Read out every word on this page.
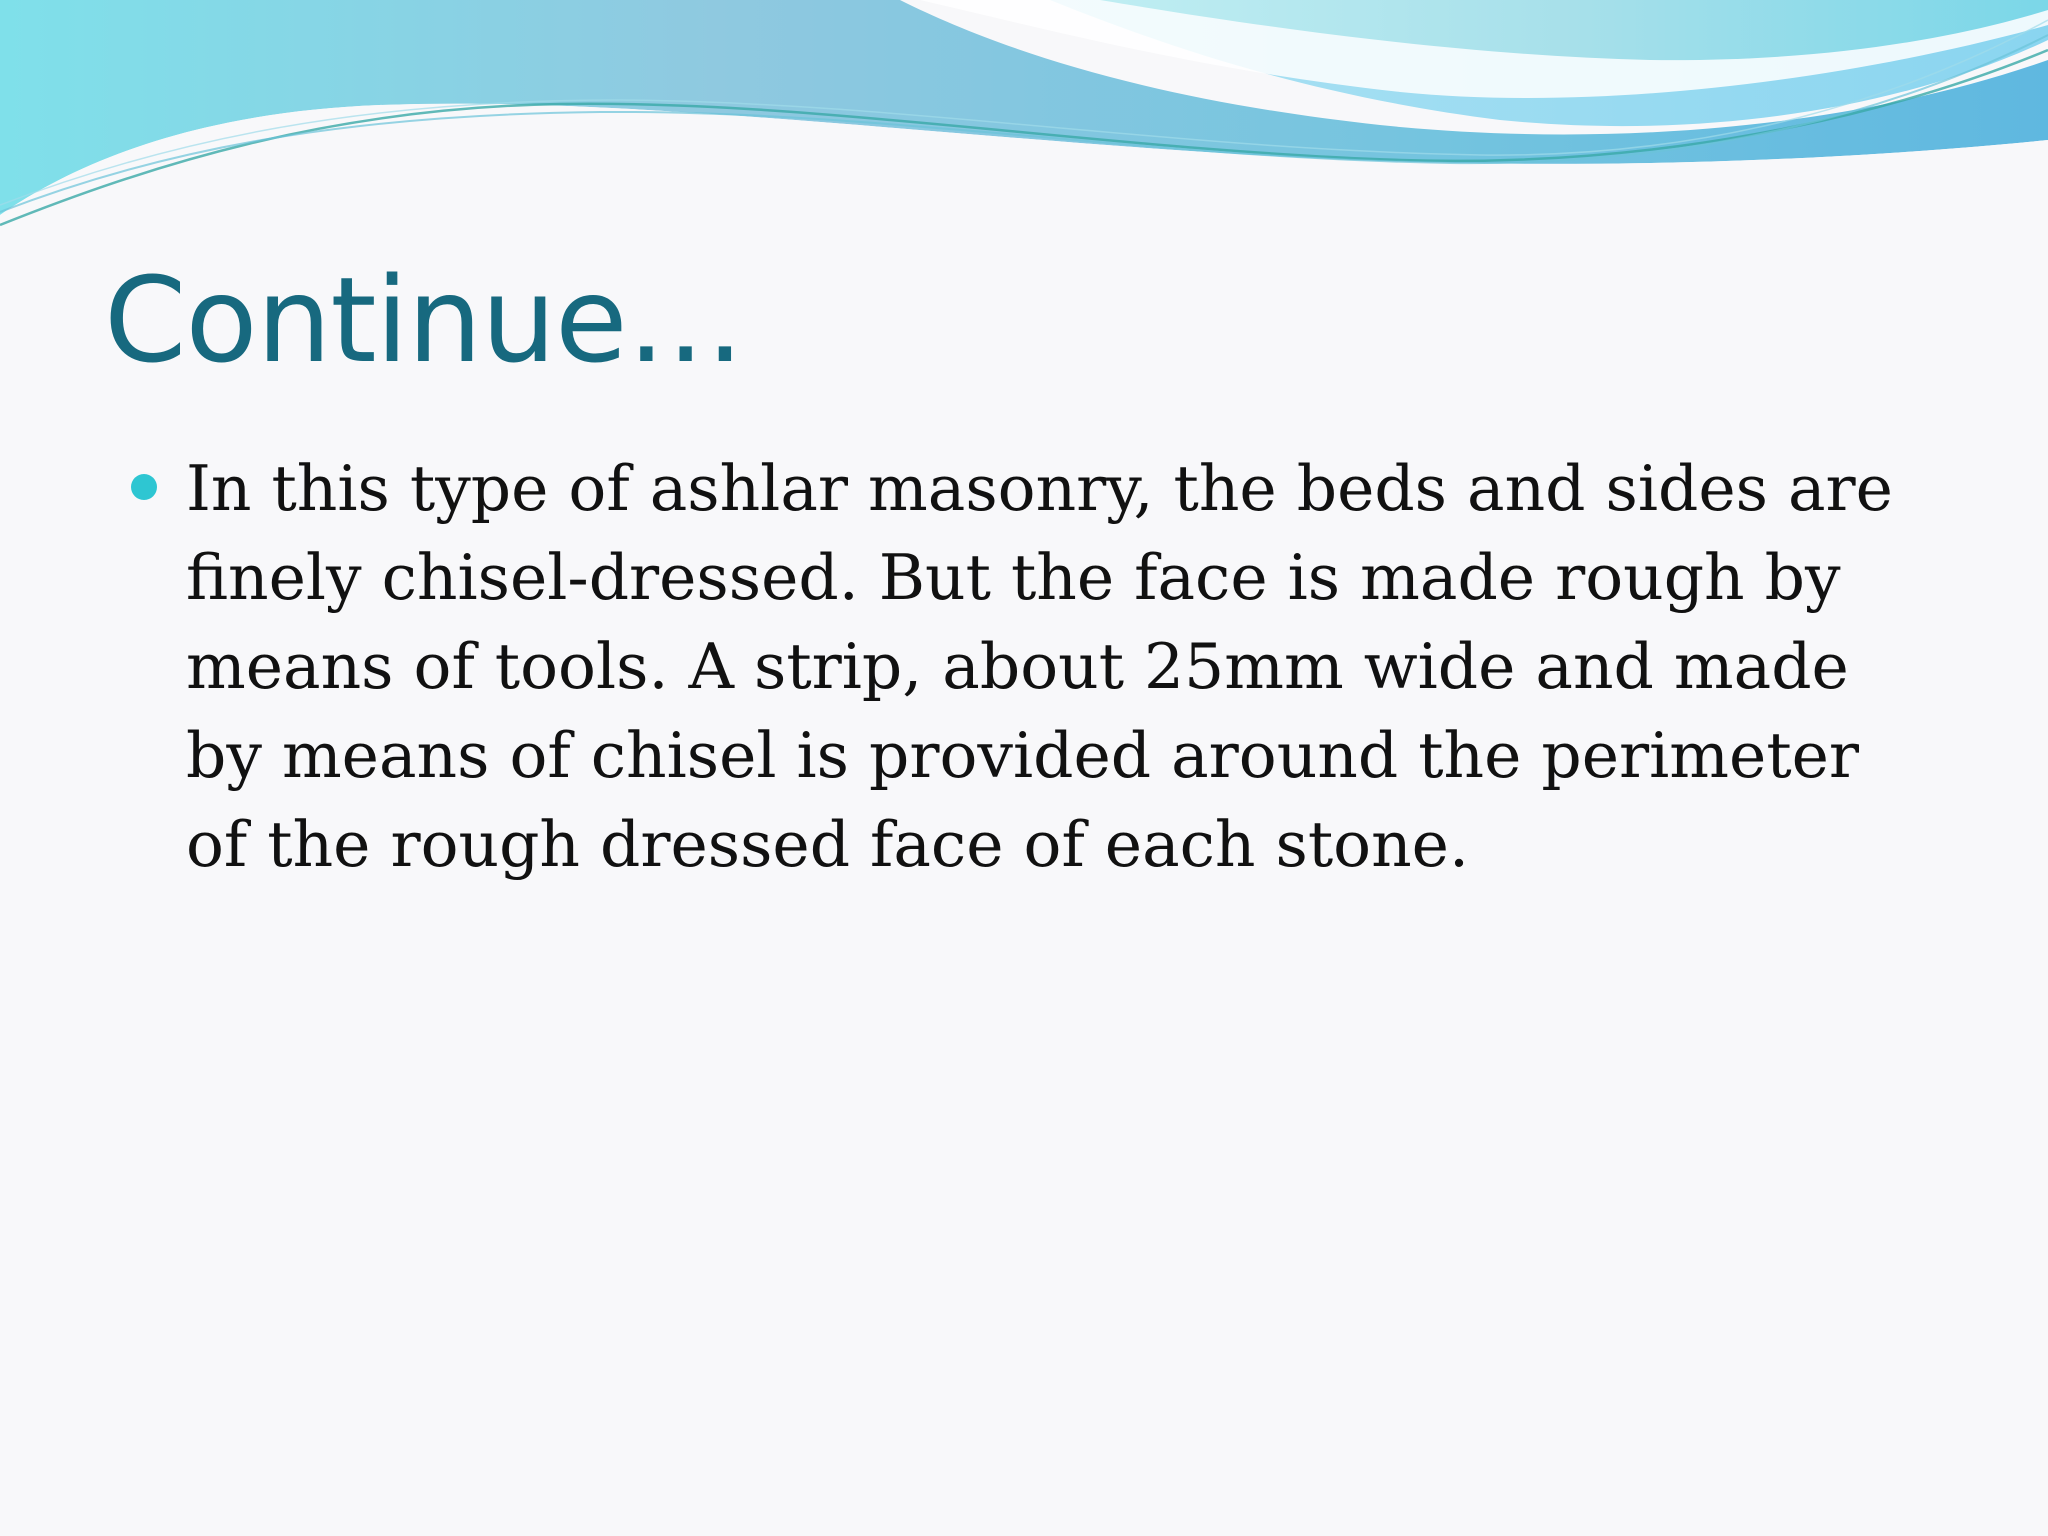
Continue…
In this type of ashlar masonry, the beds and sides are finely chisel-dressed. But the face is made rough by means of tools. A strip, about 25mm wide and made by means of chisel is provided around the perimeter of the rough dressed face of each stone.
